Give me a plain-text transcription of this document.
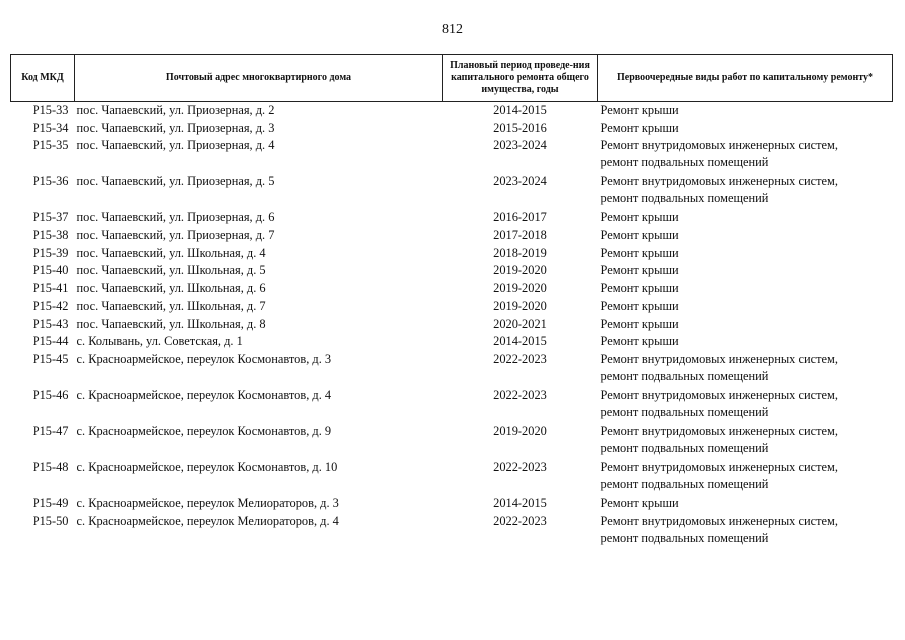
812
Код МКД	Почтовый адрес многоквартирного дома	Плановый период проведе-ния капитального ремонта общего имущества, годы	Первоочередные виды работ по капитальному ремонту*
P15-33	пос. Чапаевский, ул. Приозерная, д. 2	2014-2015	Ремонт крыши

P15-34	пос. Чапаевский, ул. Приозерная, д. 3	2015-2016	Ремонт крыши

P15-35	пос. Чапаевский, ул. Приозерная, д. 4	2023-2024	Ремонт внутридомовых инженерных систем,
ремонт подвальных помещений

P15-36	пос. Чапаевский, ул. Приозерная, д. 5	2023-2024	Ремонт внутридомовых инженерных систем,
ремонт подвальных помещений

P15-37	пос. Чапаевский, ул. Приозерная, д. 6	2016-2017	Ремонт крыши

P15-38	пос. Чапаевский, ул. Приозерная, д. 7	2017-2018	Ремонт крыши

P15-39	пос. Чапаевский, ул. Школьная, д. 4	2018-2019	Ремонт крыши

P15-40	пос. Чапаевский, ул. Школьная, д. 5	2019-2020	Ремонт крыши

P15-41	пос. Чапаевский, ул. Школьная, д. 6	2019-2020	Ремонт крыши

P15-42	пос. Чапаевский, ул. Школьная, д. 7	2019-2020	Ремонт крыши

P15-43	пос. Чапаевский, ул. Школьная, д. 8	2020-2021	Ремонт крыши

P15-44	с. Колывань, ул. Советская, д. 1	2014-2015	Ремонт крыши

P15-45	с. Красноармейское, переулок Космонавтов, д. 3	2022-2023	Ремонт внутридомовых инженерных систем,
ремонт подвальных помещений

P15-46	с. Красноармейское, переулок Космонавтов, д. 4	2022-2023	Ремонт внутридомовых инженерных систем,
ремонт подвальных помещений

P15-47	с. Красноармейское, переулок Космонавтов, д. 9	2019-2020	Ремонт внутридомовых инженерных систем,
ремонт подвальных помещений

P15-48	с. Красноармейское, переулок Космонавтов, д. 10	2022-2023	Ремонт внутридомовых инженерных систем,
ремонт подвальных помещений

P15-49	с. Красноармейское, переулок Мелиораторов, д. 3	2014-2015	Ремонт крыши

P15-50	с. Красноармейское, переулок Мелиораторов, д. 4	2022-2023	Ремонт внутридомовых инженерных систем,
ремонт подвальных помещений
